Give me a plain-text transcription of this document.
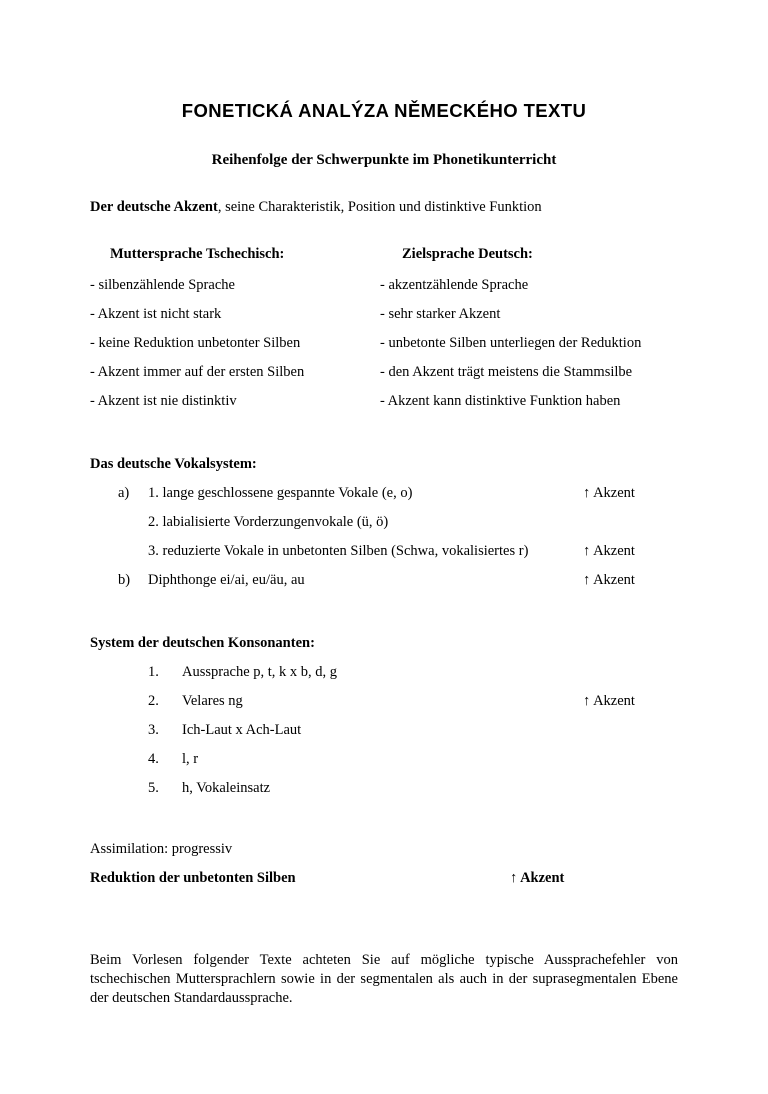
FONETICKÁ ANALÝZA NĚMECKÉHO TEXTU
Reihenfolge der Schwerpunkte im Phonetikunterricht
Der deutsche Akzent, seine Charakteristik, Position und distinktive Funktion
Muttersprache Tschechisch:	Zielsprache Deutsch:
- silbenzählende Sprache	- akzentzählende Sprache
- Akzent ist nicht stark	- sehr starker Akzent
- keine Reduktion unbetonter Silben	- unbetonte Silben unterliegen der Reduktion
- Akzent immer auf der ersten Silben	- den Akzent trägt meistens die Stammsilbe
- Akzent ist nie distinktiv	- Akzent kann distinktive Funktion haben
Das deutsche Vokalsystem:
a)	1. lange geschlossene gespannte Vokale (e, o)	↑ Akzent
2. labialisierte Vorderzungenvokale (ü, ö)
3. reduzierte Vokale in unbetonten Silben (Schwa, vokalisiertes r)	↑ Akzent
b)	Diphthonge ei/ai, eu/äu, au	↑ Akzent
System der deutschen Konsonanten:
1.	Aussprache p, t, k x b, d, g
2.	Velares ng	↑ Akzent
3.	Ich-Laut x Ach-Laut
4.	l, r
5.	h, Vokaleinsatz
Assimilation: progressiv
Reduktion der unbetonten Silben	↑ Akzent
Beim Vorlesen folgender Texte achteten Sie auf mögliche typische Aussprachefehler von tschechischen Muttersprachlern sowie in der segmentalen als auch in der suprasegmentalen Ebene der deutschen Standardaussprache.
